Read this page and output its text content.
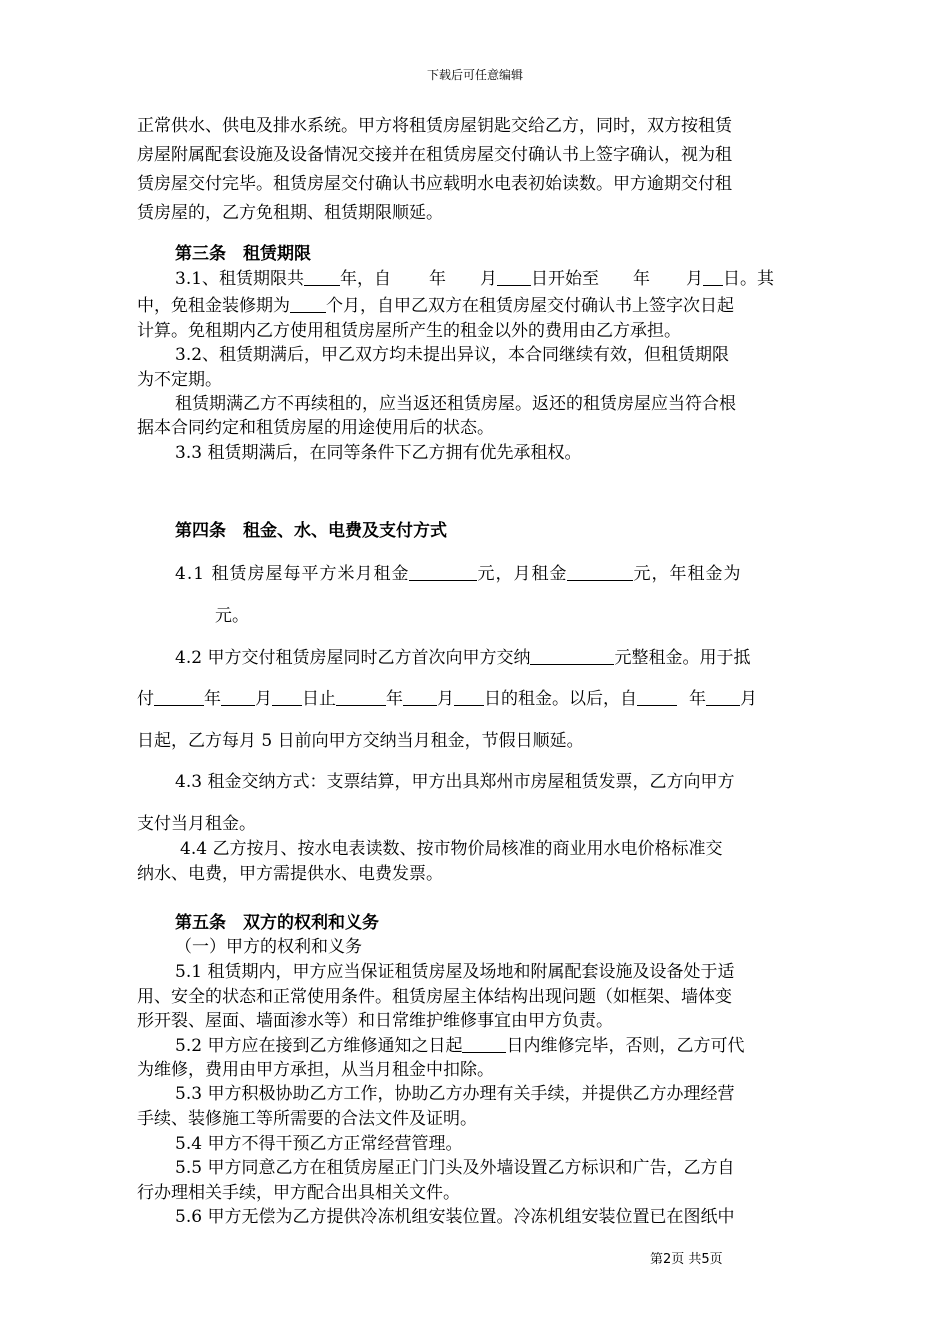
下载后可任意编辑
正常供水、供电及排水系统。甲方将租赁房屋钥匙交给乙方，同时，双方按租赁
房屋附属配套设施及设备情况交接并在租赁房屋交付确认书上签字确认，视为租
赁房屋交付完毕。租赁房屋交付确认书应载明水电表初始读数。甲方逾期交付租
赁房屋的，乙方免租期、租赁期限顺延。
第三条　租赁期限
3.1、租赁期限共 年，自 年 月 日开始至 年 月 日。其
中，免租金装修期为 个月，自甲乙双方在租赁房屋交付确认书上签字次日起
计算。免租期内乙方使用租赁房屋所产生的租金以外的费用由乙方承担。
3.2、租赁期满后，甲乙双方均未提出异议，本合同继续有效，但租赁期限
为不定期。
租赁期满乙方不再续租的，应当返还租赁房屋。返还的租赁房屋应当符合根
据本合同约定和租赁房屋的用途使用后的状态。
3.3 租赁期满后，在同等条件下乙方拥有优先承租权。
第四条　租金、水、电费及支付方式
4.1 租赁房屋每平方米月租金	元，月租金	元，年租金为
元。
4.2 甲方交付租赁房屋同时乙方首次向甲方交纳	元整租金。用于抵
付	年 月 日止	年 月 日的租金。以后，自	年 月
日起，乙方每月 5 日前向甲方交纳当月租金，节假日顺延。
4.3 租金交纳方式：支票结算，甲方出具郑州市房屋租赁发票，乙方向甲方
支付当月租金。
4.4 乙方按月、按水电表读数、按市物价局核准的商业用水电价格标准交
纳水、电费，甲方需提供水、电费发票。
第五条　双方的权利和义务
（一）甲方的权利和义务
5.1 租赁期内，甲方应当保证租赁房屋及场地和附属配套设施及设备处于适
用、安全的状态和正常使用条件。租赁房屋主体结构出现问题（如框架、墙体变
形开裂、屋面、墙面渗水等）和日常维护维修事宜由甲方负责。
5.2 甲方应在接到乙方维修通知之日起	日内维修完毕，否则，乙方可代
为维修，费用由甲方承担，从当月租金中扣除。
5.3 甲方积极协助乙方工作，协助乙方办理有关手续，并提供乙方办理经营
手续、装修施工等所需要的合法文件及证明。
5.4 甲方不得干预乙方正常经营管理。
5.5 甲方同意乙方在租赁房屋正门门头及外墙设置乙方标识和广告，乙方自
行办理相关手续，甲方配合出具相关文件。
5.6 甲方无偿为乙方提供冷冻机组安装位置。冷冻机组安装位置已在图纸中
第2页 共5页
